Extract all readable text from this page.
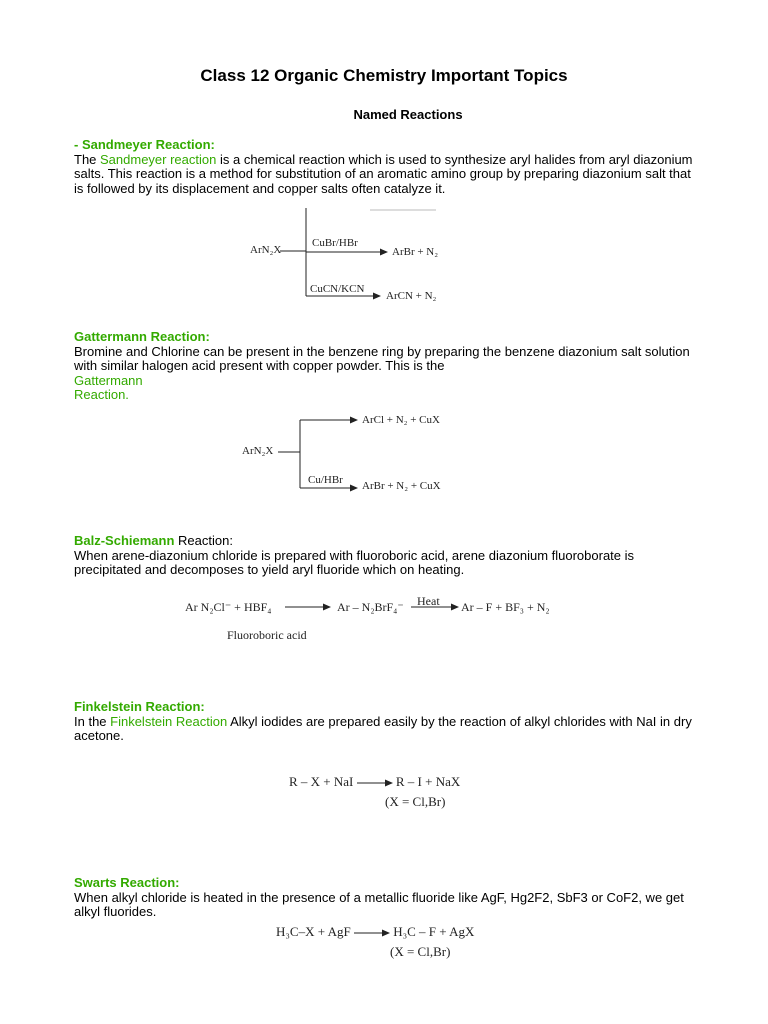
Class 12 Organic Chemistry Important Topics
Named Reactions
- Sandmeyer Reaction:
The Sandmeyer reaction is a chemical reaction which is used to synthesize aryl halides from aryl diazonium salts. This reaction is a method for substitution of an aromatic amino group by preparing diazonium salt that is followed by its displacement and copper salts often catalyze it.
ArN₂X
CuBr/HBr
ArBr + N₂
CuCN/KCN
ArCN + N₂
Gattermann Reaction:
Bromine and Chlorine can be present in the benzene ring by preparing the benzene diazonium salt solution with similar halogen acid present with copper powder. This is the
Gattermann
Reaction.
ArN₂X
ArCl + N₂ + CuX
Cu/HBr ArBr + N₂ + CuX
Balz-Schiemann Reaction:
When arene-diazonium chloride is prepared with fluoroboric acid, arene diazonium fluoroborate is precipitated and decomposes to yield aryl fluoride which on heating.
Ar N₂Cl⁻ + HBF₄	Ar – N₂BrF₄⁻ Heat Ar – F + BF₃ + N₂
Fluoroboric acid
Finkelstein Reaction:
In the Finkelstein Reaction Alkyl iodides are prepared easily by the reaction of alkyl chlorides with NaI in dry acetone.
R – X + NaI	R – I + NaX
(X = Cl,Br)
Swarts Reaction:
When alkyl chloride is heated in the presence of a metallic fluoride like AgF, Hg2F2, SbF3 or CoF2, we get alkyl fluorides.
H₃C–X + AgF	H₃C – F + AgX
(X = Cl,Br)
